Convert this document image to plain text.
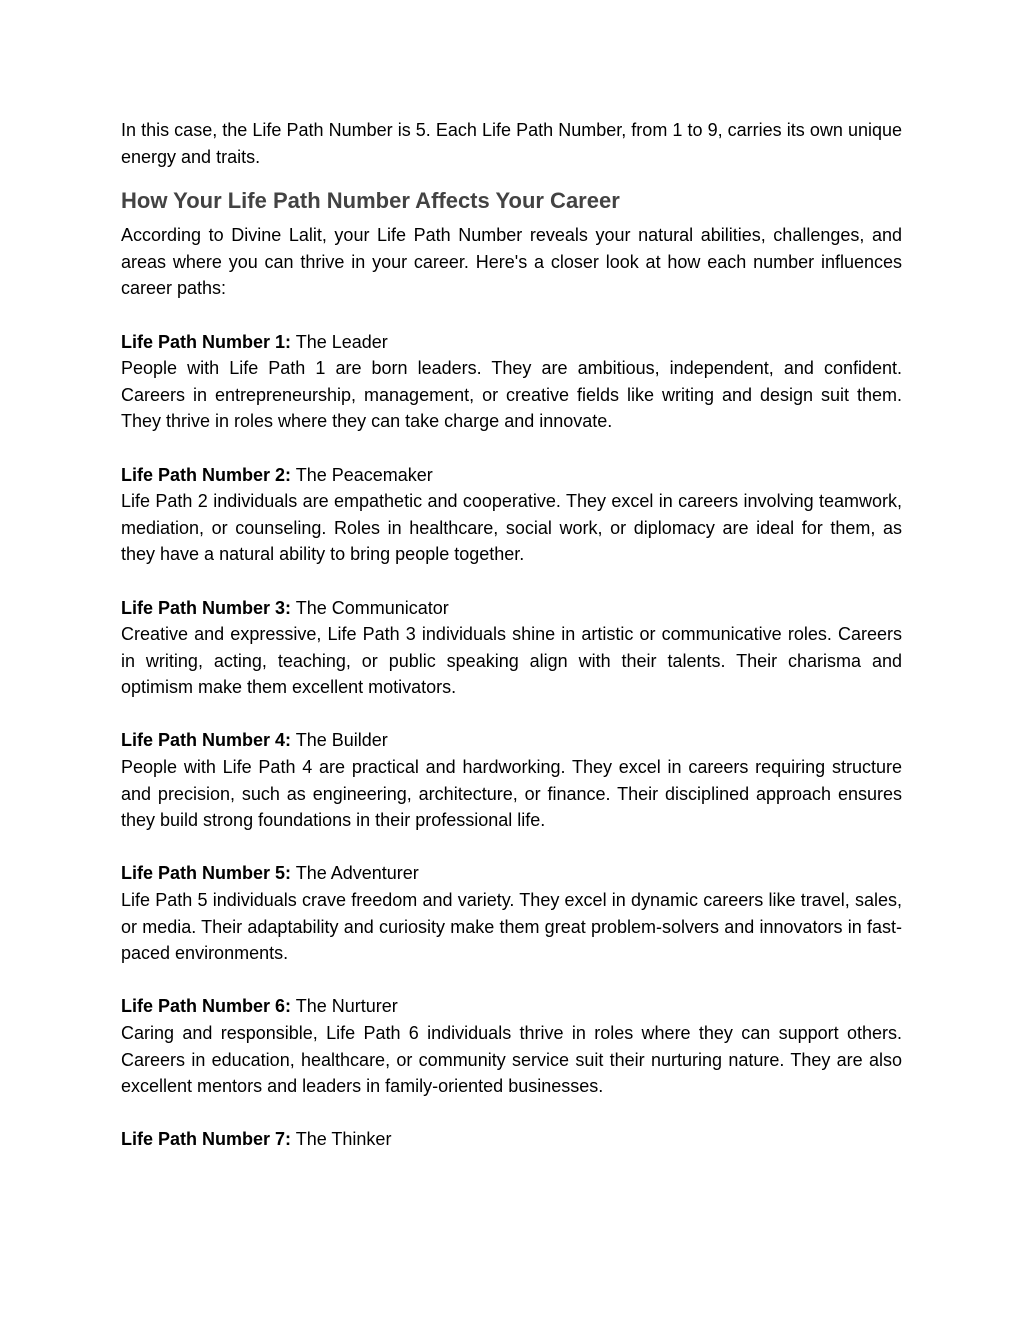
In this case, the Life Path Number is 5. Each Life Path Number, from 1 to 9, carries its own unique energy and traits.

How Your Life Path Number Affects Your Career

According to Divine Lalit, your Life Path Number reveals your natural abilities, challenges, and areas where you can thrive in your career. Here's a closer look at how each number influences career paths:

Life Path Number 1: The Leader

People with Life Path 1 are born leaders. They are ambitious, independent, and confident. Careers in entrepreneurship, management, or creative fields like writing and design suit them. They thrive in roles where they can take charge and innovate.

Life Path Number 2: The Peacemaker

Life Path 2 individuals are empathetic and cooperative. They excel in careers involving teamwork, mediation, or counseling. Roles in healthcare, social work, or diplomacy are ideal for them, as they have a natural ability to bring people together.

Life Path Number 3: The Communicator

Creative and expressive, Life Path 3 individuals shine in artistic or communicative roles. Careers in writing, acting, teaching, or public speaking align with their talents. Their charisma and optimism make them excellent motivators.

Life Path Number 4: The Builder

People with Life Path 4 are practical and hardworking. They excel in careers requiring structure and precision, such as engineering, architecture, or finance. Their disciplined approach ensures they build strong foundations in their professional life.

Life Path Number 5: The Adventurer

Life Path 5 individuals crave freedom and variety. They excel in dynamic careers like travel, sales, or media. Their adaptability and curiosity make them great problem-solvers and innovators in fast-paced environments.

Life Path Number 6: The Nurturer

Caring and responsible, Life Path 6 individuals thrive in roles where they can support others. Careers in education, healthcare, or community service suit their nurturing nature. They are also excellent mentors and leaders in family-oriented businesses.

Life Path Number 7: The Thinker
